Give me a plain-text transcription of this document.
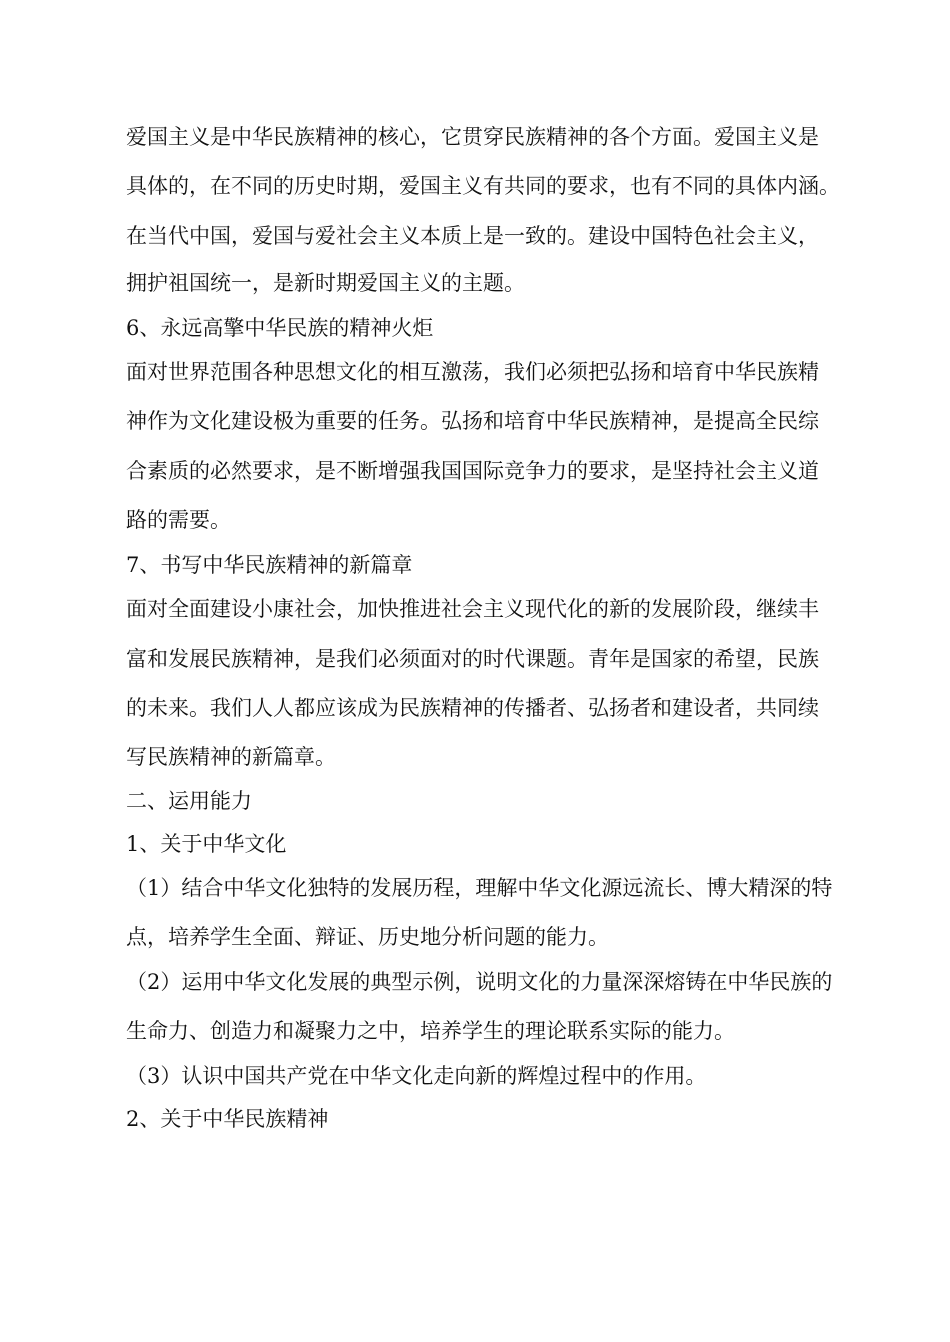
爱国主义是中华民族精神的核心，它贯穿民族精神的各个方面。爱国主义是
具体的，在不同的历史时期，爱国主义有共同的要求，也有不同的具体内涵。
在当代中国，爱国与爱社会主义本质上是一致的。建设中国特色社会主义，
拥护祖国统一，是新时期爱国主义的主题。
6、永远高擎中华民族的精神火炬
面对世界范围各种思想文化的相互激荡，我们必须把弘扬和培育中华民族精
神作为文化建设极为重要的任务。弘扬和培育中华民族精神，是提高全民综
合素质的必然要求，是不断增强我国国际竞争力的要求，是坚持社会主义道
路的需要。
7、书写中华民族精神的新篇章
面对全面建设小康社会，加快推进社会主义现代化的新的发展阶段，继续丰
富和发展民族精神，是我们必须面对的时代课题。青年是国家的希望，民族
的未来。我们人人都应该成为民族精神的传播者、弘扬者和建设者，共同续
写民族精神的新篇章。
二、运用能力
1、关于中华文化
（1）结合中华文化独特的发展历程，理解中华文化源远流长、博大精深的特
点，培养学生全面、辩证、历史地分析问题的能力。
（2）运用中华文化发展的典型示例，说明文化的力量深深熔铸在中华民族的
生命力、创造力和凝聚力之中，培养学生的理论联系实际的能力。
（3）认识中国共产党在中华文化走向新的辉煌过程中的作用。
2、关于中华民族精神
